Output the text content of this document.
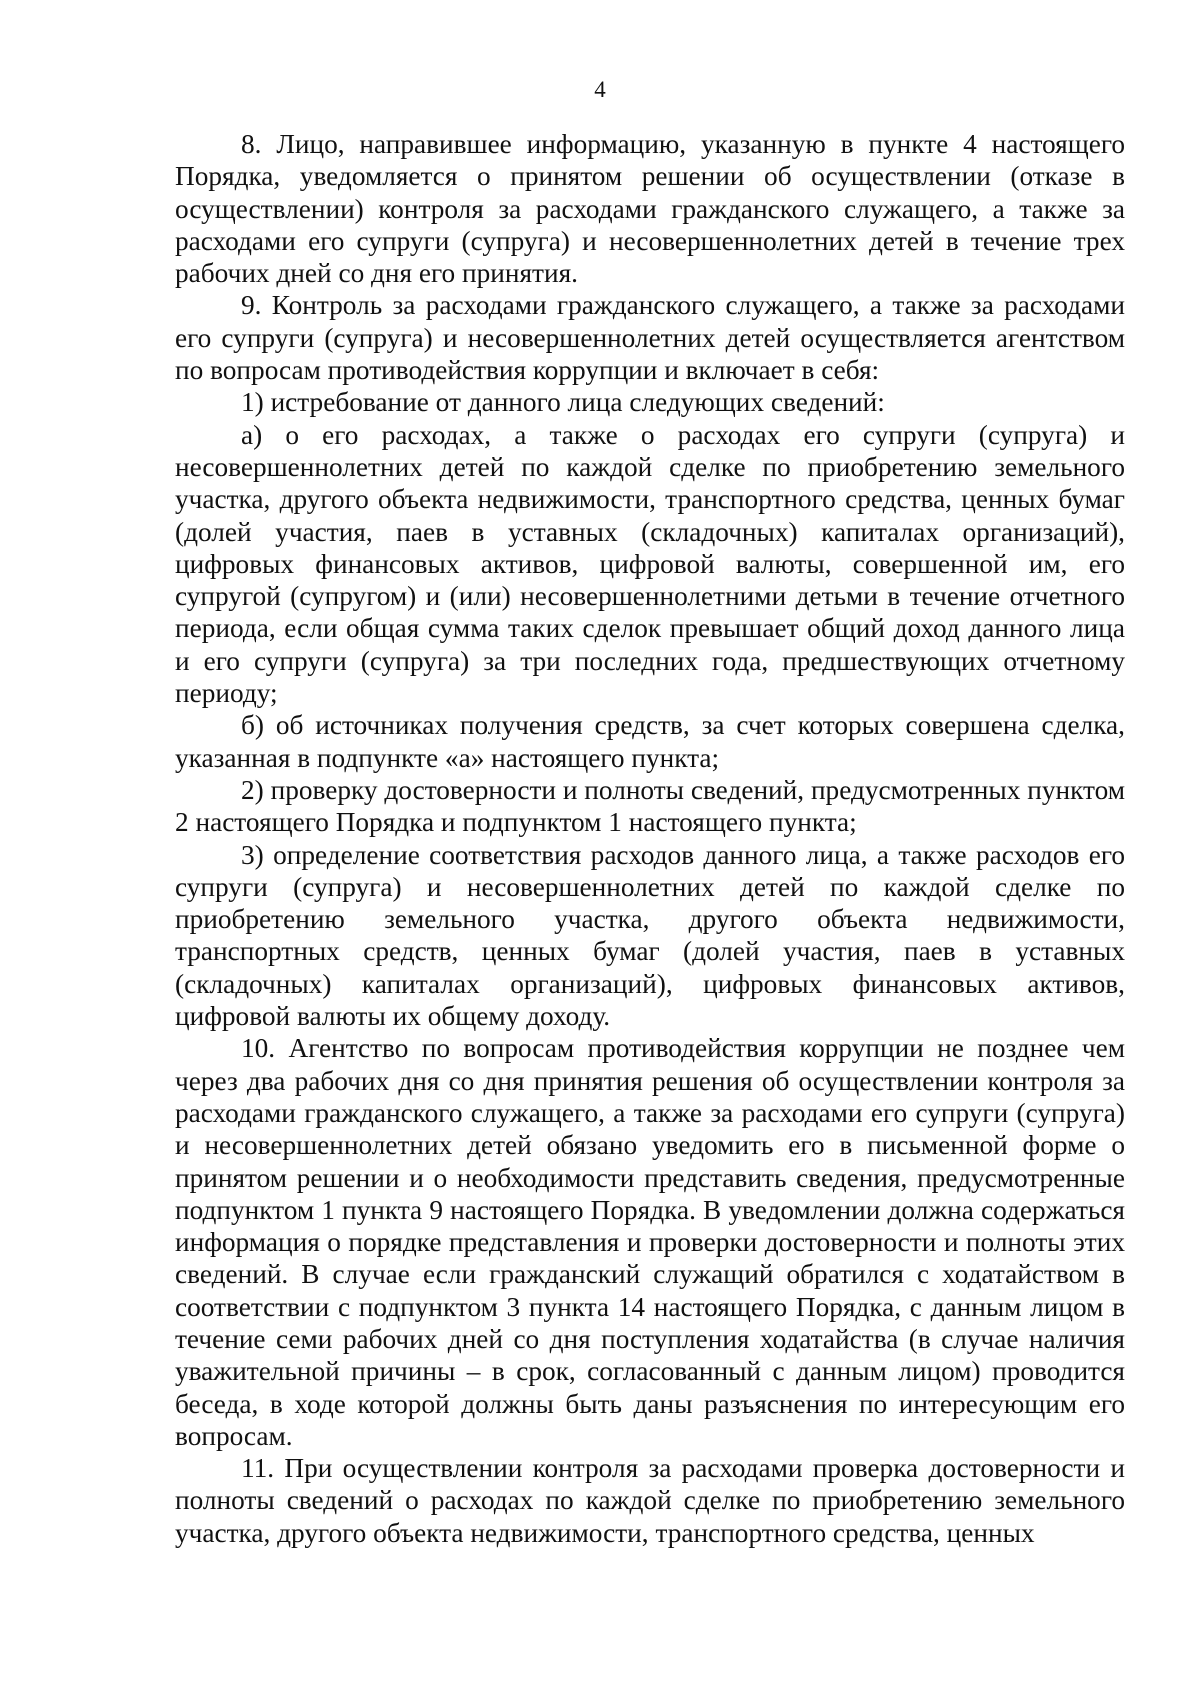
4

8. Лицо, направившее информацию, указанную в пункте 4 настоящего Порядка, уведомляется о принятом решении об осуществлении (отказе в осуществлении) контроля за расходами гражданского служащего, а также за расходами его супруги (супруга) и несовершеннолетних детей в течение трех рабочих дней со дня его принятия.

9. Контроль за расходами гражданского служащего, а также за расходами его супруги (супруга) и несовершеннолетних детей осуществляется агентством по вопросам противодействия коррупции и включает в себя:

1) истребование от данного лица следующих сведений:

а) о его расходах, а также о расходах его супруги (супруга) и несовершеннолетних детей по каждой сделке по приобретению земельного участка, другого объекта недвижимости, транспортного средства, ценных бумаг (долей участия, паев в уставных (складочных) капиталах организаций), цифровых финансовых активов, цифровой валюты, совершенной им, его супругой (супругом) и (или) несовершеннолетними детьми в течение отчетного периода, если общая сумма таких сделок превышает общий доход данного лица и его супруги (супруга) за три последних года, предшествующих отчетному периоду;

б) об источниках получения средств, за счет которых совершена сделка, указанная в подпункте «а» настоящего пункта;

2) проверку достоверности и полноты сведений, предусмотренных пунктом 2 настоящего Порядка и подпунктом 1 настоящего пункта;

3) определение соответствия расходов данного лица, а также расходов его супруги (супруга) и несовершеннолетних детей по каждой сделке по приобретению земельного участка, другого объекта недвижимости, транспортных средств, ценных бумаг (долей участия, паев в уставных (складочных) капиталах организаций), цифровых финансовых активов, цифровой валюты их общему доходу.

10. Агентство по вопросам противодействия коррупции не позднее чем через два рабочих дня со дня принятия решения об осуществлении контроля за расходами гражданского служащего, а также за расходами его супруги (супруга) и несовершеннолетних детей обязано уведомить его в письменной форме о принятом решении и о необходимости представить сведения, предусмотренные подпунктом 1 пункта 9 настоящего Порядка. В уведомлении должна содержаться информация о порядке представления и проверки достоверности и полноты этих сведений. В случае если гражданский служащий обратился с ходатайством в соответствии с подпунктом 3 пункта 14 настоящего Порядка, с данным лицом в течение семи рабочих дней со дня поступления ходатайства (в случае наличия уважительной причины – в срок, согласованный с данным лицом) проводится беседа, в ходе которой должны быть даны разъяснения по интересующим его вопросам.

11. При осуществлении контроля за расходами проверка достоверности и полноты сведений о расходах по каждой сделке по приобретению земельного участка, другого объекта недвижимости, транспортного средства, ценных
